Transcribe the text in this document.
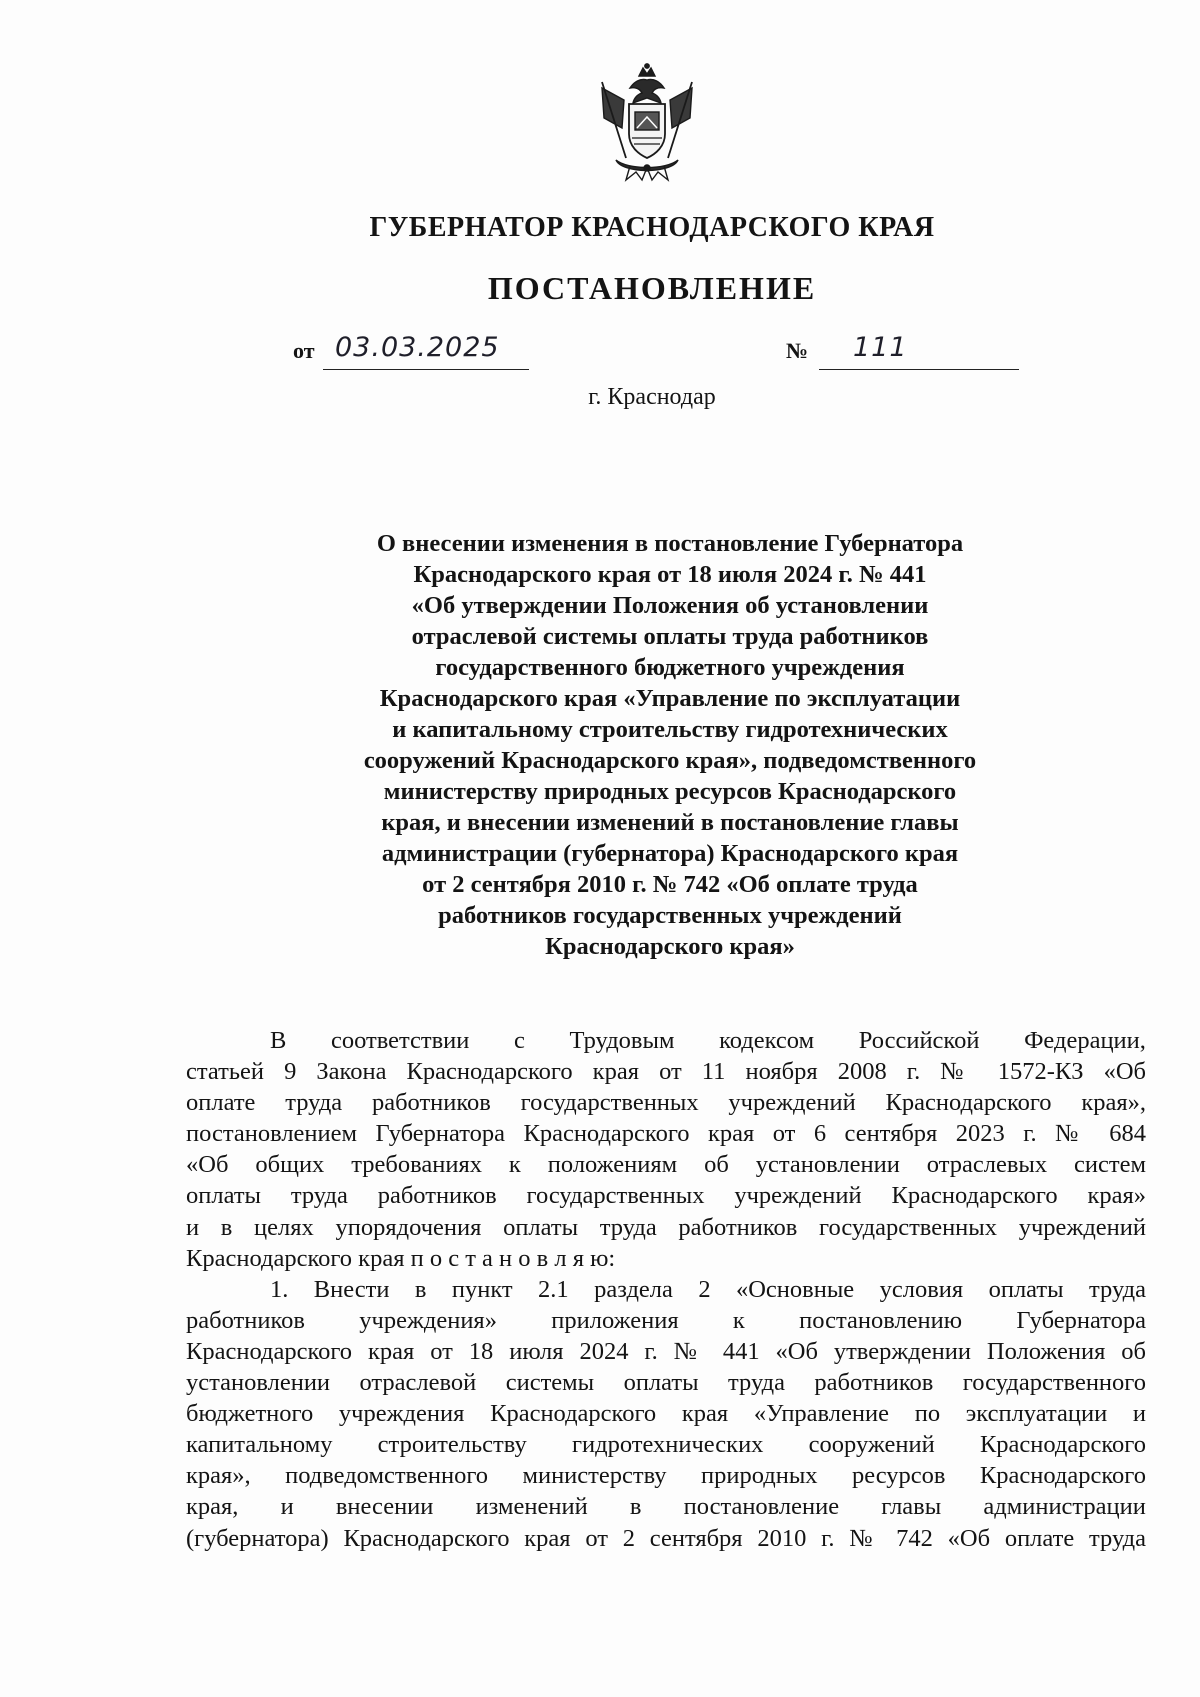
ГУБЕРНАТОР КРАСНОДАРСКОГО КРАЯ
ПОСТАНОВЛЕНИЕ
от 03.03.2025	№ 111
г. Краснодар
О внесении изменения в постановление Губернатора
Краснодарского края от 18 июля 2024 г. № 441
«Об утверждении Положения об установлении
отраслевой системы оплаты труда работников
государственного бюджетного учреждения
Краснодарского края «Управление по эксплуатации
и капитальному строительству гидротехнических
сооружений Краснодарского края», подведомственного
министерству природных ресурсов Краснодарского
края, и внесении изменений в постановление главы
администрации (губернатора) Краснодарского края
от 2 сентября 2010 г. № 742 «Об оплате труда
работников государственных учреждений
Краснодарского края»
В соответствии с Трудовым кодексом Российской Федерации,
статьей 9 Закона Краснодарского края от 11 ноября 2008 г. № 1572-КЗ «Об
оплате труда работников государственных учреждений Краснодарского края»,
постановлением Губернатора Краснодарского края от 6 сентября 2023 г. № 684
«Об общих требованиях к положениям об установлении отраслевых систем
оплаты труда работников государственных учреждений Краснодарского края»
и в целях упорядочения оплаты труда работников государственных учреждений
Краснодарского края п о с т а н о в л я ю:
1. Внести в пункт 2.1 раздела 2 «Основные условия оплаты труда
работников учреждения» приложения к постановлению Губернатора
Краснодарского края от 18 июля 2024 г. № 441 «Об утверждении Положения об
установлении отраслевой системы оплаты труда работников государственного
бюджетного учреждения Краснодарского края «Управление по эксплуатации и
капитальному строительству гидротехнических сооружений Краснодарского
края», подведомственного министерству природных ресурсов Краснодарского
края, и внесении изменений в постановление главы администрации
(губернатора) Краснодарского края от 2 сентября 2010 г. № 742 «Об оплате труда
